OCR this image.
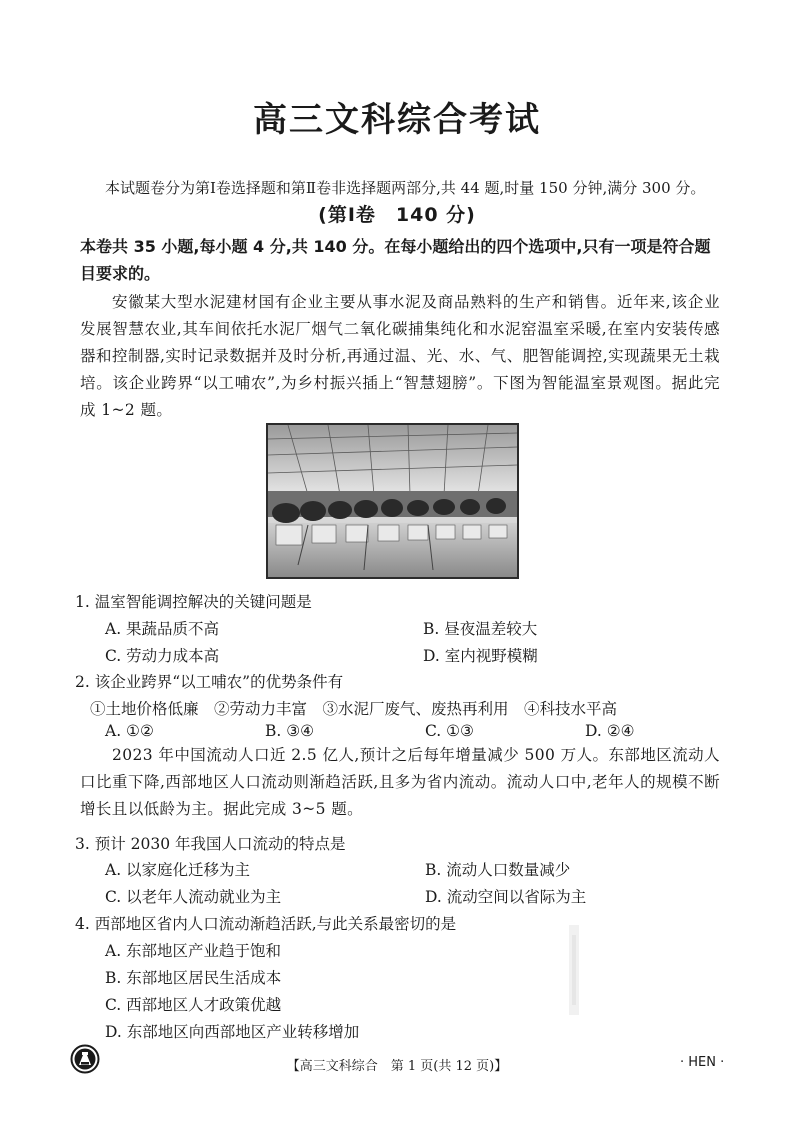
高三文科综合考试
本试题卷分为第Ⅰ卷选择题和第Ⅱ卷非选择题两部分,共 44 题,时量 150 分钟,满分 300 分。
(第Ⅰ卷　140 分)
本卷共 35 小题,每小题 4 分,共 140 分。在每小题给出的四个选项中,只有一项是符合题目要求的。
安徽某大型水泥建材国有企业主要从事水泥及商品熟料的生产和销售。近年来,该企业发展智慧农业,其车间依托水泥厂烟气二氧化碳捕集纯化和水泥窑温室采暖,在室内安装传感器和控制器,实时记录数据并及时分析,再通过温、光、水、气、肥智能调控,实现蔬果无土栽培。该企业跨界“以工哺农”,为乡村振兴插上“智慧翅膀”。下图为智能温室景观图。据此完成 1~2 题。
1. 温室智能调控解决的关键问题是
A. 果蔬品质不高	B. 昼夜温差较大
C. 劳动力成本高	D. 室内视野模糊
2. 该企业跨界“以工哺农”的优势条件有
①土地价格低廉　②劳动力丰富　③水泥厂废气、废热再利用　④科技水平高
A. ①②	B. ③④	C. ①③	D. ②④
2023 年中国流动人口近 2.5 亿人,预计之后每年增量减少 500 万人。东部地区流动人口比重下降,西部地区人口流动则渐趋活跃,且多为省内流动。流动人口中,老年人的规模不断增长且以低龄为主。据此完成 3~5 题。
3. 预计 2030 年我国人口流动的特点是
A. 以家庭化迁移为主	B. 流动人口数量减少
C. 以老年人流动就业为主	D. 流动空间以省际为主
4. 西部地区省内人口流动渐趋活跃,与此关系最密切的是
A. 东部地区产业趋于饱和
B. 东部地区居民生活成本
C. 西部地区人才政策优越
D. 东部地区向西部地区产业转移增加
【高三文科综合　第 1 页(共 12 页)】	· HEN ·
